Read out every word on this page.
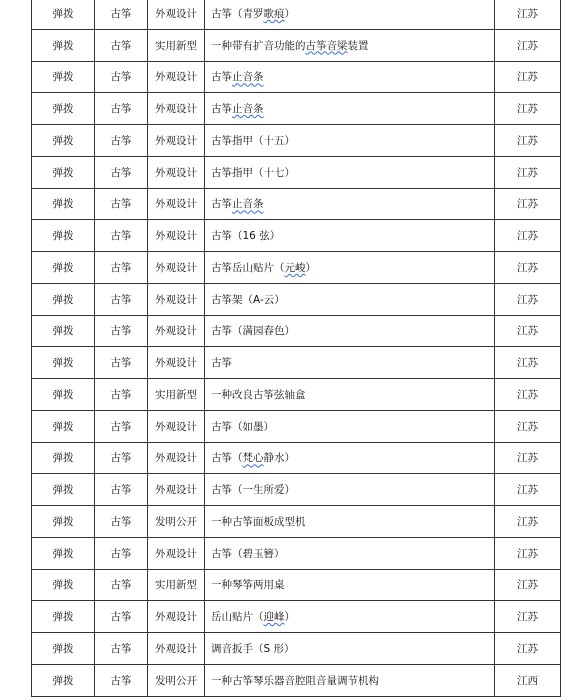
弹拨	古筝	外观设计	古筝（青罗歌痕）	江苏
弹拨	古筝	实用新型	一种带有扩音功能的古筝音梁装置	江苏
弹拨	古筝	外观设计	古筝止音条	江苏
弹拨	古筝	外观设计	古筝止音条	江苏
弹拨	古筝	外观设计	古筝指甲（十五）	江苏
弹拨	古筝	外观设计	古筝指甲（十七）	江苏
弹拨	古筝	外观设计	古筝止音条	江苏
弹拨	古筝	外观设计	古筝（16 弦）	江苏
弹拨	古筝	外观设计	古筝岳山贴片（元峻）	江苏
弹拨	古筝	外观设计	古筝架（A-云）	江苏
弹拨	古筝	外观设计	古筝（满园春色）	江苏
弹拨	古筝	外观设计	古筝	江苏
弹拨	古筝	实用新型	一种改良古筝弦轴盒	江苏
弹拨	古筝	外观设计	古筝（如墨）	江苏
弹拨	古筝	外观设计	古筝（梵心静水）	江苏
弹拨	古筝	外观设计	古筝（一生所爱）	江苏
弹拨	古筝	发明公开	一种古筝面板成型机	江苏
弹拨	古筝	外观设计	古筝（碧玉簪）	江苏
弹拨	古筝	实用新型	一种琴筝两用桌	江苏
弹拨	古筝	外观设计	岳山贴片（迎峰）	江苏
弹拨	古筝	外观设计	调音扳手（S 形）	江苏
弹拨	古筝	发明公开	一种古筝琴乐器音腔阻音量调节机构	江西
